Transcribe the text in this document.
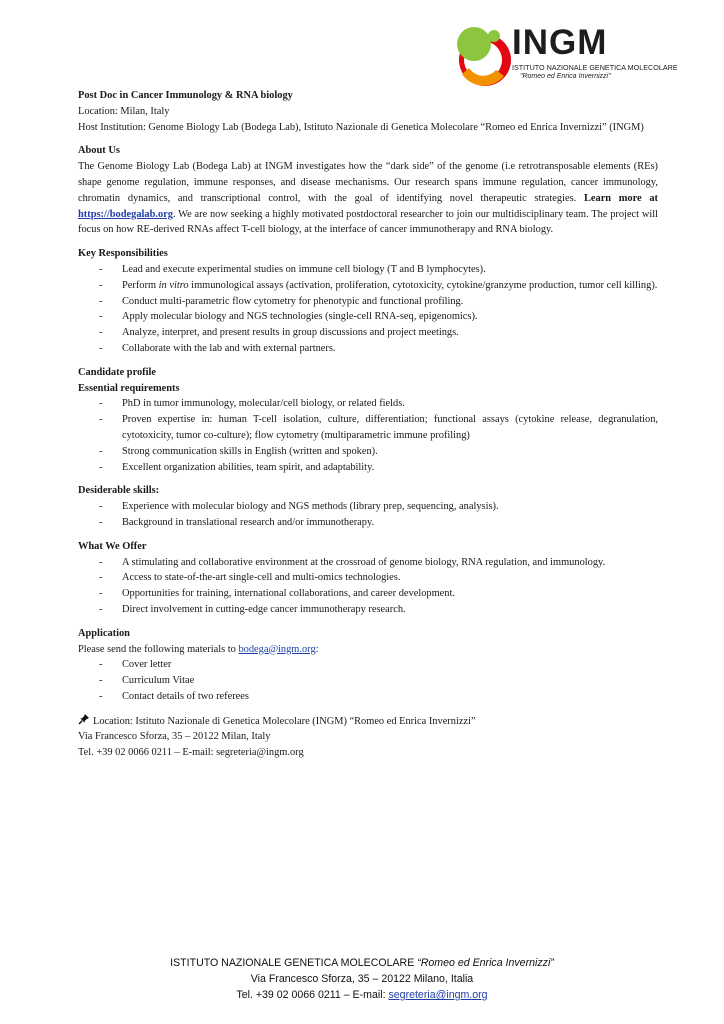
INGM
ISTITUTO NAZIONALE GENETICA MOLECOLARE
"Romeo ed Enrica Invernizzi"

Post Doc in Cancer Immunology & RNA biology

Location: Milan, Italy

Host Institution: Genome Biology Lab (Bodega Lab), Istituto Nazionale di Genetica Molecolare “Romeo ed Enrica Invernizzi” (INGM)

About Us

The Genome Biology Lab (Bodega Lab) at INGM investigates how the “dark side” of the genome (i.e retrotransposable elements (REs) shape genome regulation, immune responses, and disease mechanisms. Our research spans immune regulation, cancer immunology, chromatin dynamics, and transcriptional control, with the goal of identifying novel therapeutic strategies. Learn more at https://bodegalab.org. We are now seeking a highly motivated postdoctoral researcher to join our multidisciplinary team. The project will focus on how RE-derived RNAs affect T-cell biology, at the interface of cancer immunotherapy and RNA biology.

Key Responsibilities

- Lead and execute experimental studies on immune cell biology (T and B lymphocytes).
- Perform in vitro immunological assays (activation, proliferation, cytotoxicity, cytokine/granzyme production, tumor cell killing).
- Conduct multi-parametric flow cytometry for phenotypic and functional profiling.
- Apply molecular biology and NGS technologies (single-cell RNA-seq, epigenomics).
- Analyze, interpret, and present results in group discussions and project meetings.
- Collaborate with the lab and with external partners.

Candidate profile

Essential requirements

- PhD in tumor immunology, molecular/cell biology, or related fields.
- Proven expertise in: human T-cell isolation, culture, differentiation; functional assays (cytokine release, degranulation, cytotoxicity, tumor co-culture); flow cytometry (multiparametric immune profiling)
- Strong communication skills in English (written and spoken).
- Excellent organization abilities, team spirit, and adaptability.

Desiderable skills:

- Experience with molecular biology and NGS methods (library prep, sequencing, analysis).
- Background in translational research and/or immunotherapy.

What We Offer

- A stimulating and collaborative environment at the crossroad of genome biology, RNA regulation, and immunology.
- Access to state-of-the-art single-cell and multi-omics technologies.
- Opportunities for training, international collaborations, and career development.
- Direct involvement in cutting-edge cancer immunotherapy research.

Application

Please send the following materials to bodega@ingm.org:

- Cover letter
- Curriculum Vitae
- Contact details of two referees

Location: Istituto Nazionale di Genetica Molecolare (INGM) “Romeo ed Enrica Invernizzi”

Via Francesco Sforza, 35 – 20122 Milan, Italy

Tel. +39 02 0066 0211 – E-mail: segreteria@ingm.org

ISTITUTO NAZIONALE GENETICA MOLECOLARE “Romeo ed Enrica Invernizzi”
Via Francesco Sforza, 35 – 20122 Milano, Italia
Tel. +39 02 0066 0211 – E-mail: segreteria@ingm.org
